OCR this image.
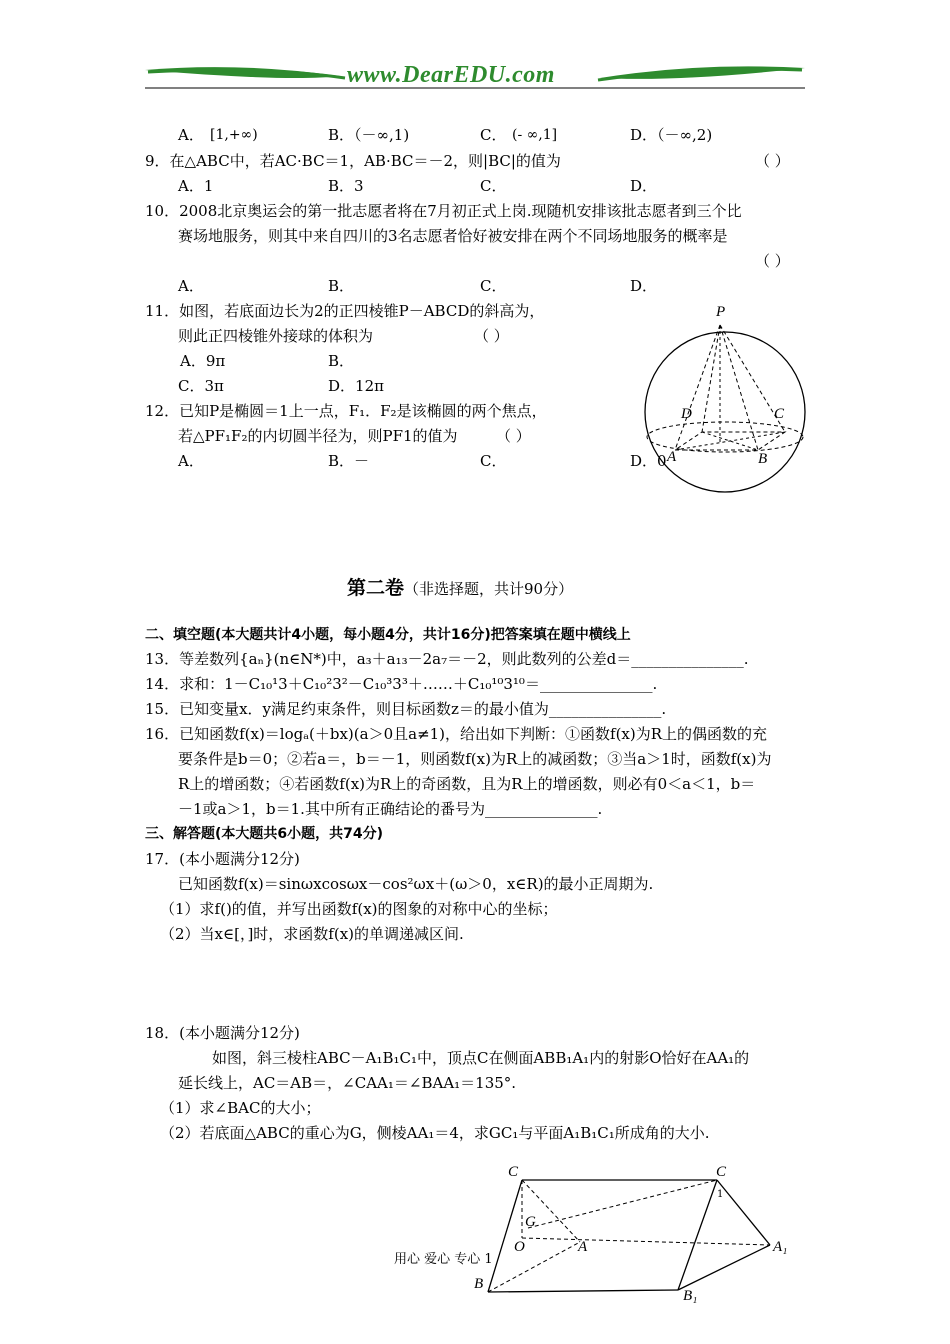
www.DearEDU.com
A． [1,+∞)	B．（－∞,1)	C． (- ∞,1]	D．（－∞,2)
9．在△ABC中，若AC·BC＝1，AB·BC＝－2，则|BC|的值为	（ ）
A．1	B．3	C．	D．
10．2008北京奥运会的第一批志愿者将在7月初正式上岗.现随机安排该批志愿者到三个比
赛场地服务，则其中来自四川的3名志愿者恰好被安排在两个不同场地服务的概率是
（ ）
A．	B．	C．	D．
11．如图，若底面边长为2的正四棱锥P－ABCD的斜高为，
则此正四棱锥外接球的体积为	（ ）
A．9π	B．
C．3π	D．12π
12．已知P是椭圆＝1上一点，F₁．F₂是该椭圆的两个焦点，
若△PF₁F₂的内切圆半径为，则PF1的值为	（ ）
A．	B．－	C．	D．0
P
D	C
A	B
第二卷（非选择题，共计90分）
二、填空题(本大题共计4小题，每小题4分，共计16分)把答案填在题中横线上
13．等差数列{aₙ}(n∈N*)中，a₃＋a₁₃－2a₇＝－2，则此数列的公差d＝_______________.
14．求和：1－C₁₀¹3＋C₁₀²3²－C₁₀³3³＋……＋C₁₀¹⁰3¹⁰＝_______________.
15．已知变量x．y满足约束条件，则目标函数z＝的最小值为_______________.
16．已知函数f(x)＝logₐ(＋bx)(a＞0且a≠1)，给出如下判断：①函数f(x)为R上的偶函数的充
要条件是b＝0；②若a＝，b＝－1，则函数f(x)为R上的减函数；③当a＞1时，函数f(x)为
R上的增函数；④若函数f(x)为R上的奇函数，且为R上的增函数，则必有0＜a＜1，b＝
－1或a＞1，b＝1.其中所有正确结论的番号为_______________.
三、解答题(本大题共6小题，共74分)
17．(本小题满分12分)
已知函数f(x)＝sinωxcosωx－cos²ωx＋(ω＞0，x∈R)的最小正周期为.
（1）求f()的值，并写出函数f(x)的图象的对称中心的坐标；
（2）当x∈[，]时，求函数f(x)的单调递减区间.
18．(本小题满分12分)
如图，斜三棱柱ABC－A₁B₁C₁中，顶点C在侧面ABB₁A₁内的射影O恰好在AA₁的
延长线上，AC＝AB＝，∠CAA₁＝∠BAA₁＝135°.
（1）求∠BAC的大小；
（2）若底面△ABC的重心为G，侧棱AA₁＝4，求GC₁与平面A₁B₁C₁所成角的大小.
C	C
1
G
O	A	A₁
B
B₁
用心 爱心 专心 1
